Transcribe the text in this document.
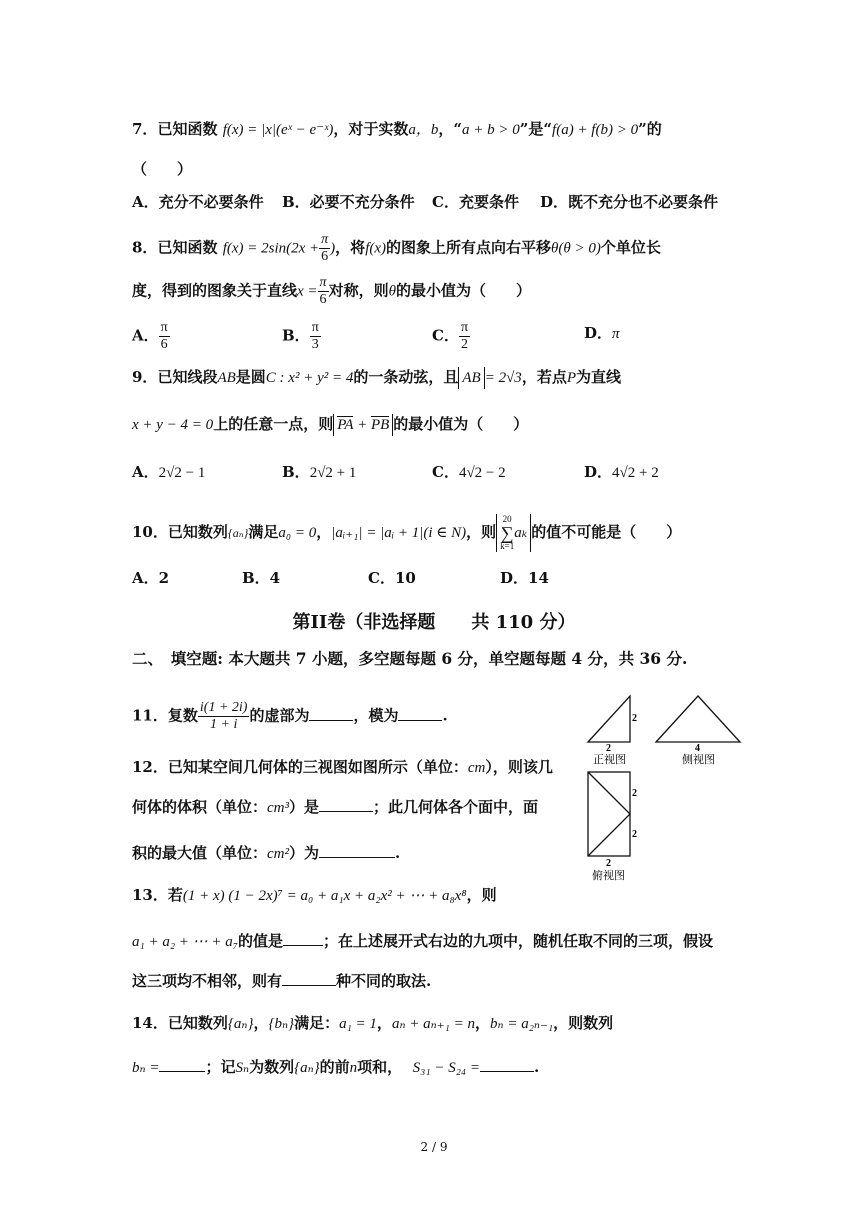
7．已知函数 f(x) = |x|(eˣ − e⁻ˣ)，对于实数a，b，“a + b > 0”是“f(a) + f(b) > 0”的
（　　）
A．充分不必要条件 B．必要不充分条件 C．充要条件 D．既不充分也不必要条件
8．已知函数 $f(x) = 2\sin(2x + \frac{\pi}{6}$ )，将f(x)的图象上所有点向右平移θ(θ > 0)个单位长
度，得到的图象关于直线$x = \frac{\pi}{6}$ 对称，则θ的最小值为（　　）
A． $\frac{\pi}{6}$	B． $\frac{\pi}{3}$	C． $\frac{\pi}{2}$	D．π
9．已知线段AB是圆C : x² + y² = 4的一条动弦，且 AB = 2√3，若点P为直线
x + y − 4 = 0上的任意一点，则 PA + PB 的最小值为（　　）
A．2√2 − 1	B．2√2 + 1	C．4√2 − 2	D．4√2 + 2
10．已知数列{aₙ}满足a₀ = 0，|aᵢ₊₁| = |aᵢ + 1|(i ∈ N)，则
20
∑
k=1
aₖ 的值不可能是（　　）
A．2	B．4	C．10	D．14
第II卷（非选择题　　共 110 分）
二、　填空题: 本大题共 7 小题，多空题每题 6 分，单空题每题 4 分，共 36 分.
11．复数 $\frac{i(1 + 2i)}{1 + i}$ 的虚部为	，模为	.
12．已知某空间几何体的三视图如图所示（单位：cm），则该几
何体的体积（单位：cm³）是	；此几何体各个面中，面
积的最大值（单位：cm²）为	.
2
2
正视图
4
侧视图
2
2
2
俯视图
13．若(1 + x) (1 − 2x)⁷ = a₀ + a₁x + a₂x² + ⋯ + a₈x⁸，则
a₁ + a₂ + ⋯ + a₇的值是	；在上述展开式右边的九项中，随机任取不同的三项，假设
这三项均不相邻，则有	种不同的取法.
14．已知数列{aₙ}，{bₙ}满足：a₁ = 1，aₙ + aₙ₊₁ = n，bₙ = a₂ₙ₋₁，则数列
bₙ =	；记Sₙ为数列{aₙ}的前n项和， S₃₁ − S₂₄ =	.
2 / 9
